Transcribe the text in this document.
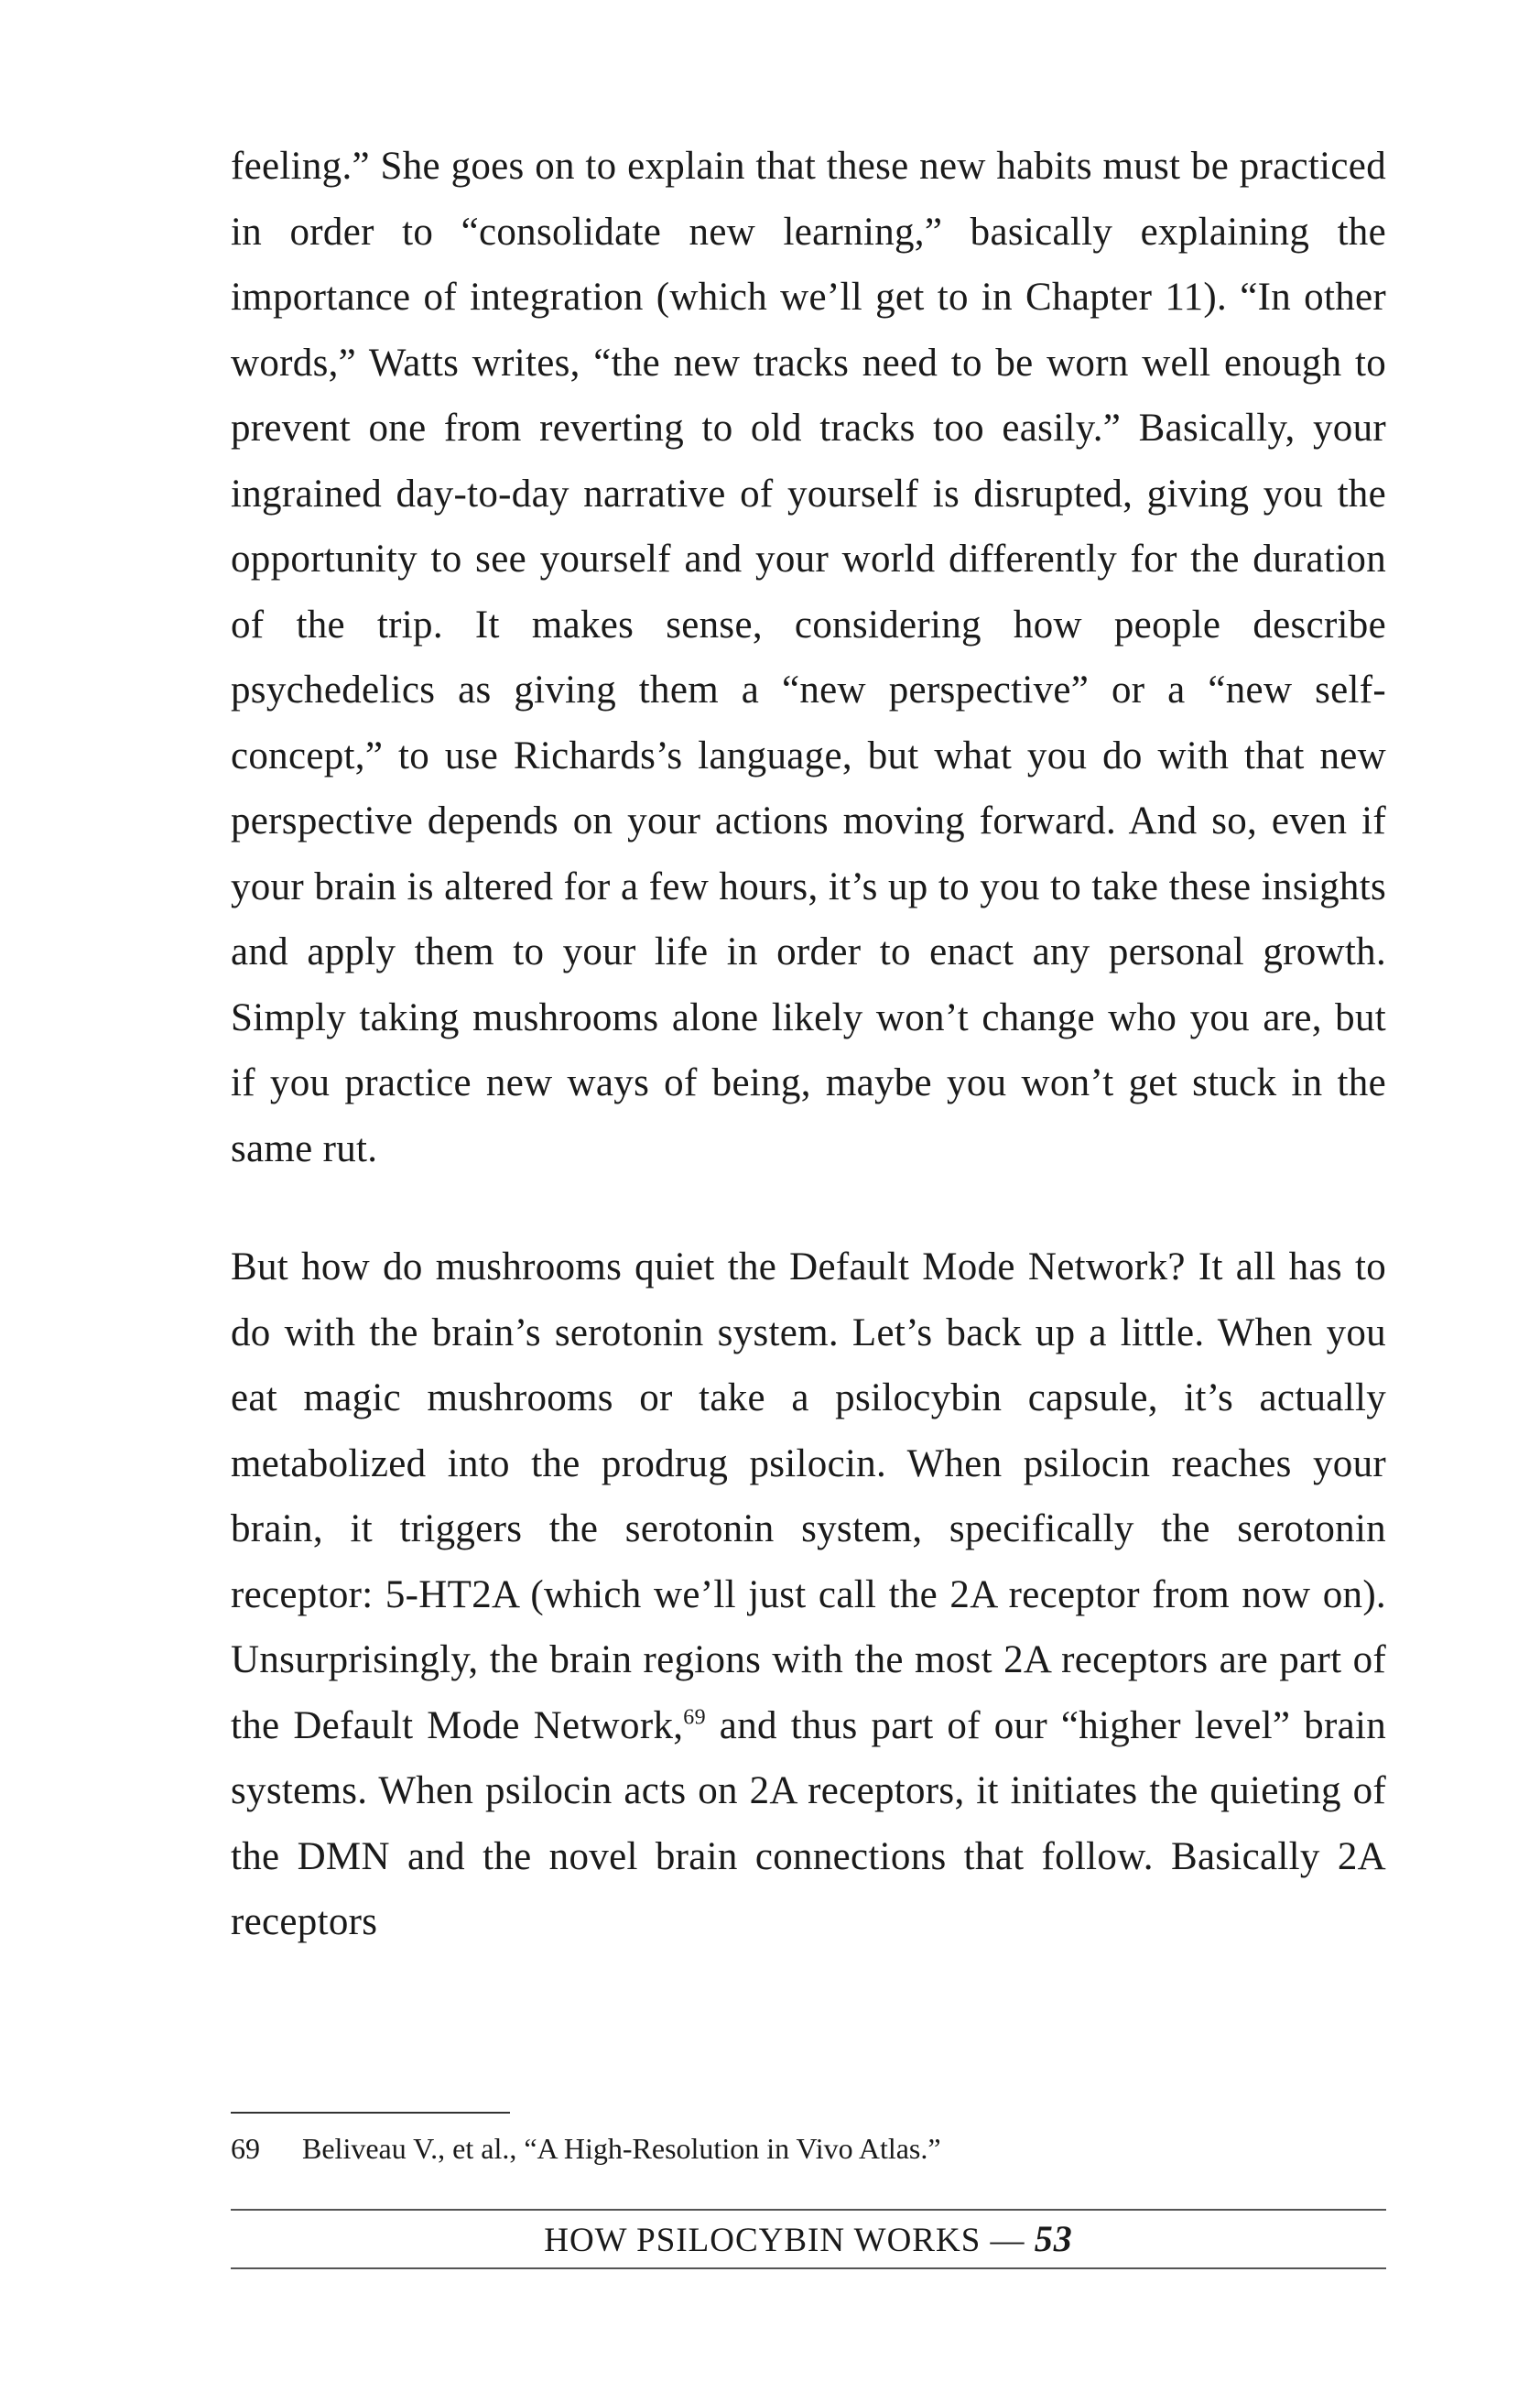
feeling.” She goes on to explain that these new habits must be practiced in order to “consolidate new learning,” basically explaining the importance of integration (which we’ll get to in Chapter 11). “In other words,” Watts writes, “the new tracks need to be worn well enough to prevent one from reverting to old tracks too easily.” Basically, your ingrained day-to-day narrative of yourself is disrupted, giving you the opportunity to see yourself and your world differently for the duration of the trip. It makes sense, considering how people describe psychedelics as giving them a “new perspective” or a “new self-concept,” to use Richards’s language, but what you do with that new perspective depends on your actions moving forward. And so, even if your brain is altered for a few hours, it’s up to you to take these insights and apply them to your life in order to enact any personal growth. Simply taking mushrooms alone likely won’t change who you are, but if you practice new ways of being, maybe you won’t get stuck in the same rut.

But how do mushrooms quiet the Default Mode Network? It all has to do with the brain’s serotonin system. Let’s back up a little. When you eat magic mushrooms or take a psilocybin capsule, it’s actually metabolized into the prodrug psilocin. When psilocin reaches your brain, it triggers the serotonin system, specifically the serotonin receptor: 5-HT2A (which we’ll just call the 2A receptor from now on). Unsurprisingly, the brain regions with the most 2A receptors are part of the Default Mode Network,$^{69}$ and thus part of our “higher level” brain systems. When psilocin acts on 2A receptors, it initiates the quieting of the DMN and the novel brain connections that follow. Basically 2A receptors

69 Beliveau V., et al., “A High-Resolution in Vivo Atlas.”
HOW PSILOCYBIN WORKS — 53
